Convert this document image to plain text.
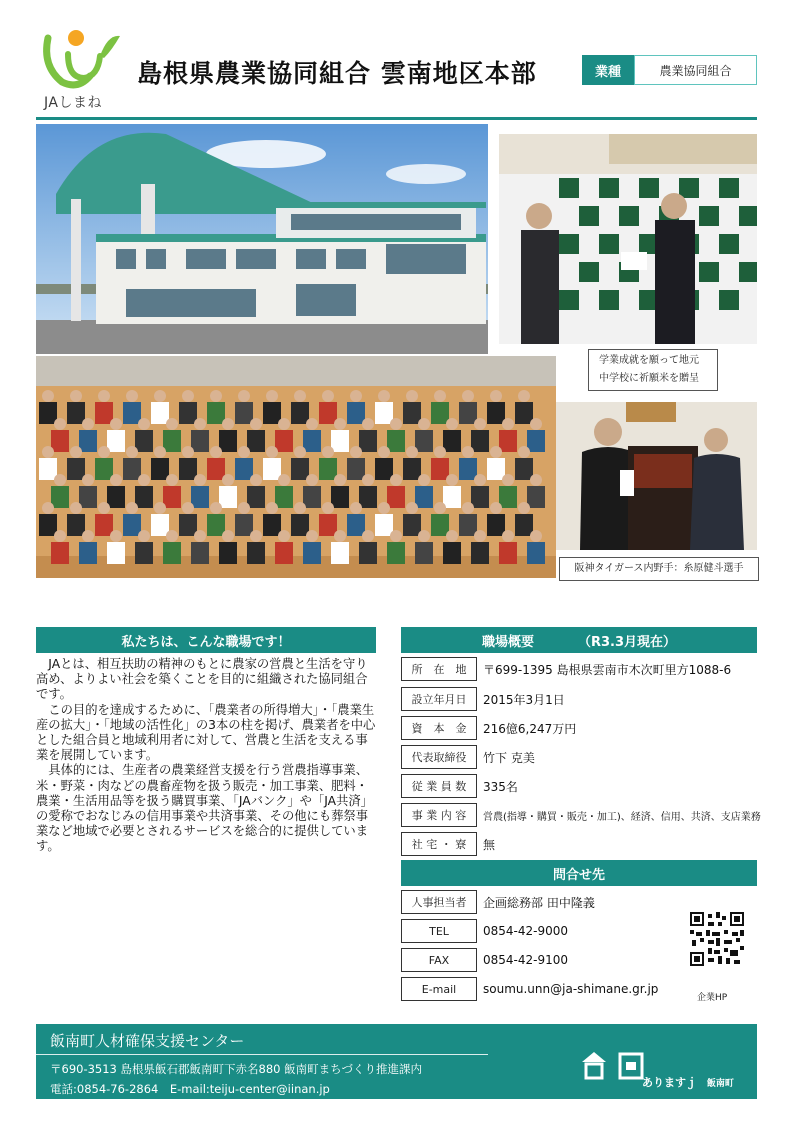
JAしまね
島根県農業協同組合 雲南地区本部	業種	農業協同組合
学業成就を願って地元
中学校に祈願米を贈呈
阪神タイガース内野手：糸原健斗選手
私たちは、こんな職場です！

JAとは、相互扶助の精神のもとに農家の営農と生活を守り高め、よりよい社会を築くことを目的に組織された協同組合です。

この目的を達成するために、「農業者の所得増大」・「農業生産の拡大」・「地域の活性化」の3本の柱を掲げ、農業者を中心とした組合員と地域利用者に対して、営農と生活を支える事業を展開しています。

具体的には、生産者の農業経営支援を行う営農指導事業、米・野菜・肉などの農畜産物を扱う販売・加工事業、肥料・農業・生活用品等を扱う購買事業、「JAバンク」や「JA共済」の愛称でおなじみの信用事業や共済事業、その他にも葬祭事業など地域で必要とされるサービスを総合的に提供しています。

職場概要	（R3.3月現在）
所　在　地	〒699-1395 島根県雲南市木次町里方1088-6
設立年月日	2015年3月1日
資　本　金	216億6,247万円
代表取締役	竹下 克美
従 業 員 数	335名
事 業 内 容	営農(指導・購買・販売・加工)、経済、信用、共済、支店業務
社 宅 ・ 寮	無
問合せ先
人事担当者	企画総務部 田中隆義
TEL	0854-42-9000
FAX	0854-42-9100
E-mail	soumu.unn@ja-shimane.gr.jp
企業HP
飯南町人材確保支援センター
〒690-3513 島根県飯石郡飯南町下赤名880 飯南町まちづくり推進課内
電話:0854-76-2864　E-mail:teiju-center@iinan.jp	ありますｊ 飯南町
